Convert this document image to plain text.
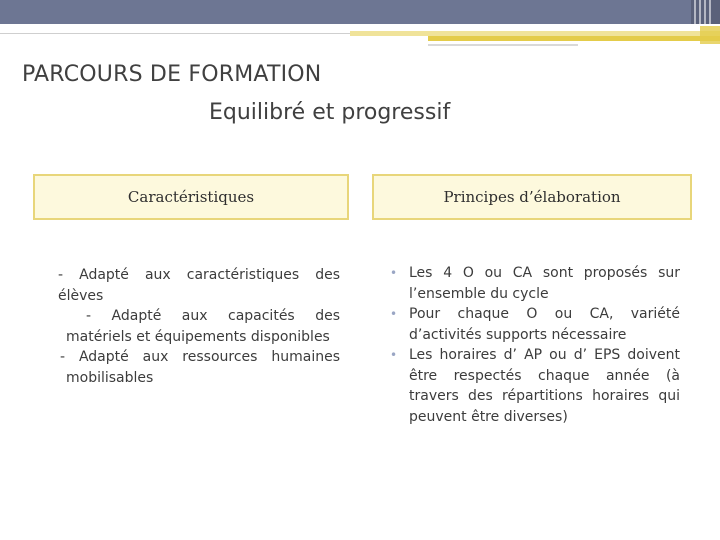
PARCOURS DE FORMATION
Equilibré et progressif
Caractéristiques	Principes d’élaboration
- Adapté aux caractéristiques des élèves
- Adapté aux capacités des matériels et équipements disponibles
- Adapté aux ressources humaines mobilisables
• Les 4 O ou CA sont proposés sur l’ensemble du cycle
• Pour chaque O ou CA, variété d’activités supports nécessaire
• Les horaires d’ AP ou d’ EPS doivent être respectés chaque année (à travers des répartitions horaires qui peuvent être diverses)
